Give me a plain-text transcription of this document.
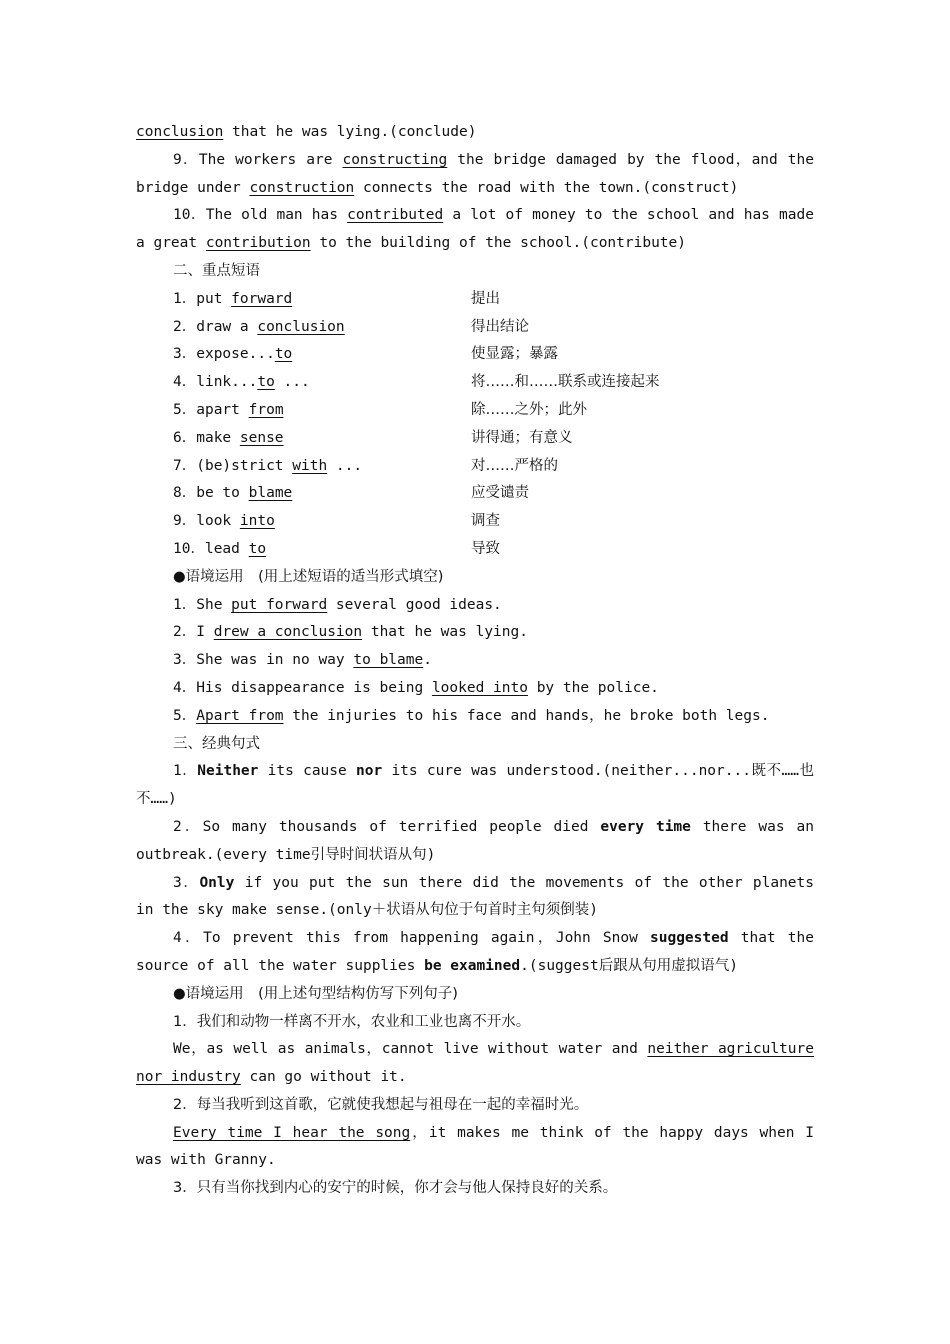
conclusion that he was lying.(conclude)

9．The workers are constructing the bridge damaged by the flood，and the bridge under construction connects the road with the town.(construct)

10．The old man has contributed a lot of money to the school and has made a great contribution to the building of the school.(contribute)

二、重点短语
1．put forward	提出
2．draw a conclusion	得出结论
3．expose...to	使显露；暴露
4．link...to ...	将……和……联系或连接起来
5．apart from	除……之外；此外
6．make sense	讲得通；有意义
7．(be)strict with ...	对……严格的
8．be to blame	应受谴责
9．look into	调查
10．lead to	导致
●语境运用　(用上述短语的适当形式填空)
1．She put forward several good ideas.
2．I drew a conclusion that he was lying.
3．She was in no way to blame.
4．His disappearance is being looked into by the police.
5．Apart from the injuries to his face and hands，he broke both legs.
三、经典句式

1．Neither its cause nor its cure was understood.(neither...nor...既不……也不……)

2．So many thousands of terrified people died every time there was an outbreak.(every time引导时间状语从句)

3．Only if you put the sun there did the movements of the other planets in the sky make sense.(only＋状语从句位于句首时主句须倒装)

4．To prevent this from happening again，John Snow suggested that the source of all the water supplies be examined.(suggest后跟从句用虚拟语气)

●语境运用　(用上述句型结构仿写下列句子)
1．我们和动物一样离不开水，农业和工业也离不开水。

We，as well as animals，cannot live without water and neither agriculture nor industry can go without it.

2．每当我听到这首歌，它就使我想起与祖母在一起的幸福时光。

Every time I hear the song，it makes me think of the happy days when I was with Granny.

3．只有当你找到内心的安宁的时候，你才会与他人保持良好的关系。
